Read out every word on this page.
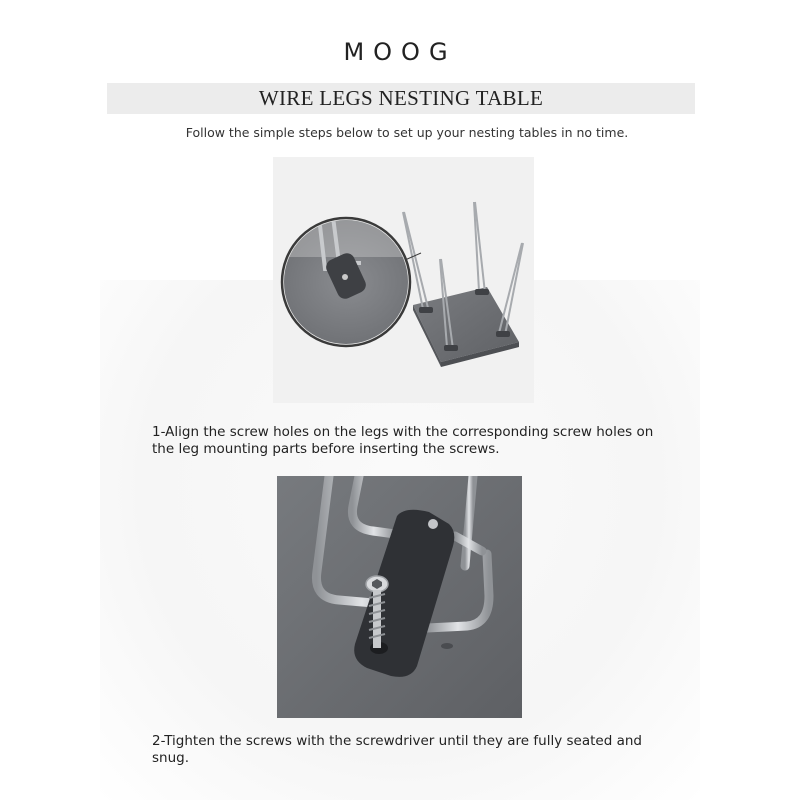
MOOG
WIRE LEGS NESTING TABLE
Follow the simple steps below to set up your nesting tables in no time.
1-Align the screw holes on the legs with the corresponding screw holes on the leg mounting parts before inserting the screws.
2-Tighten the screws with the screwdriver until they are fully seated and snug.
